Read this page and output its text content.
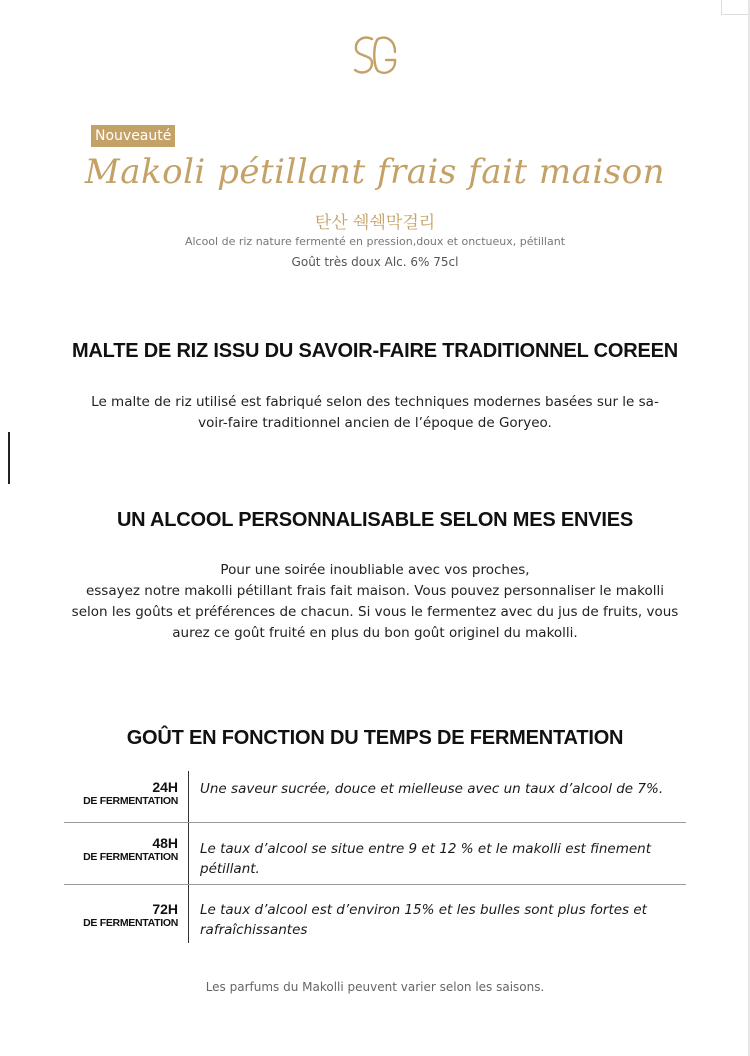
Nouveauté
Makoli pétillant frais fait maison
탄산 쉑쉑막걸리
Alcool de riz nature fermenté en pression,doux et onctueux, pétillant
Goût très doux Alc. 6% 75cl
MALTE DE RIZ ISSU DU SAVOIR-FAIRE TRADITIONNEL COREEN
Le malte de riz utilisé est fabriqué selon des techniques modernes basées sur le sa-
voir-faire traditionnel ancien de l’époque de Goryeo.
UN ALCOOL PERSONNALISABLE SELON MES ENVIES
Pour une soirée inoubliable avec vos proches,
essayez notre makolli pétillant frais fait maison. Vous pouvez personnaliser le makolli
selon les goûts et préférences de chacun. Si vous le fermentez avec du jus de fruits, vous
aurez ce goût fruité en plus du bon goût originel du makolli.
GOÛT EN FONCTION DU TEMPS DE FERMENTATION
24H
DE FERMENTATION
Une saveur sucrée, douce et mielleuse avec un taux d’alcool de 7%.
48H
DE FERMENTATION Le taux d’alcool se situe entre 9 et 12 % et le makolli est finement
pétillant.
72H
DE FERMENTATION
Le taux d’alcool est d’environ 15% et les bulles sont plus fortes et
rafraîchissantes
Les parfums du Makolli peuvent varier selon les saisons.
